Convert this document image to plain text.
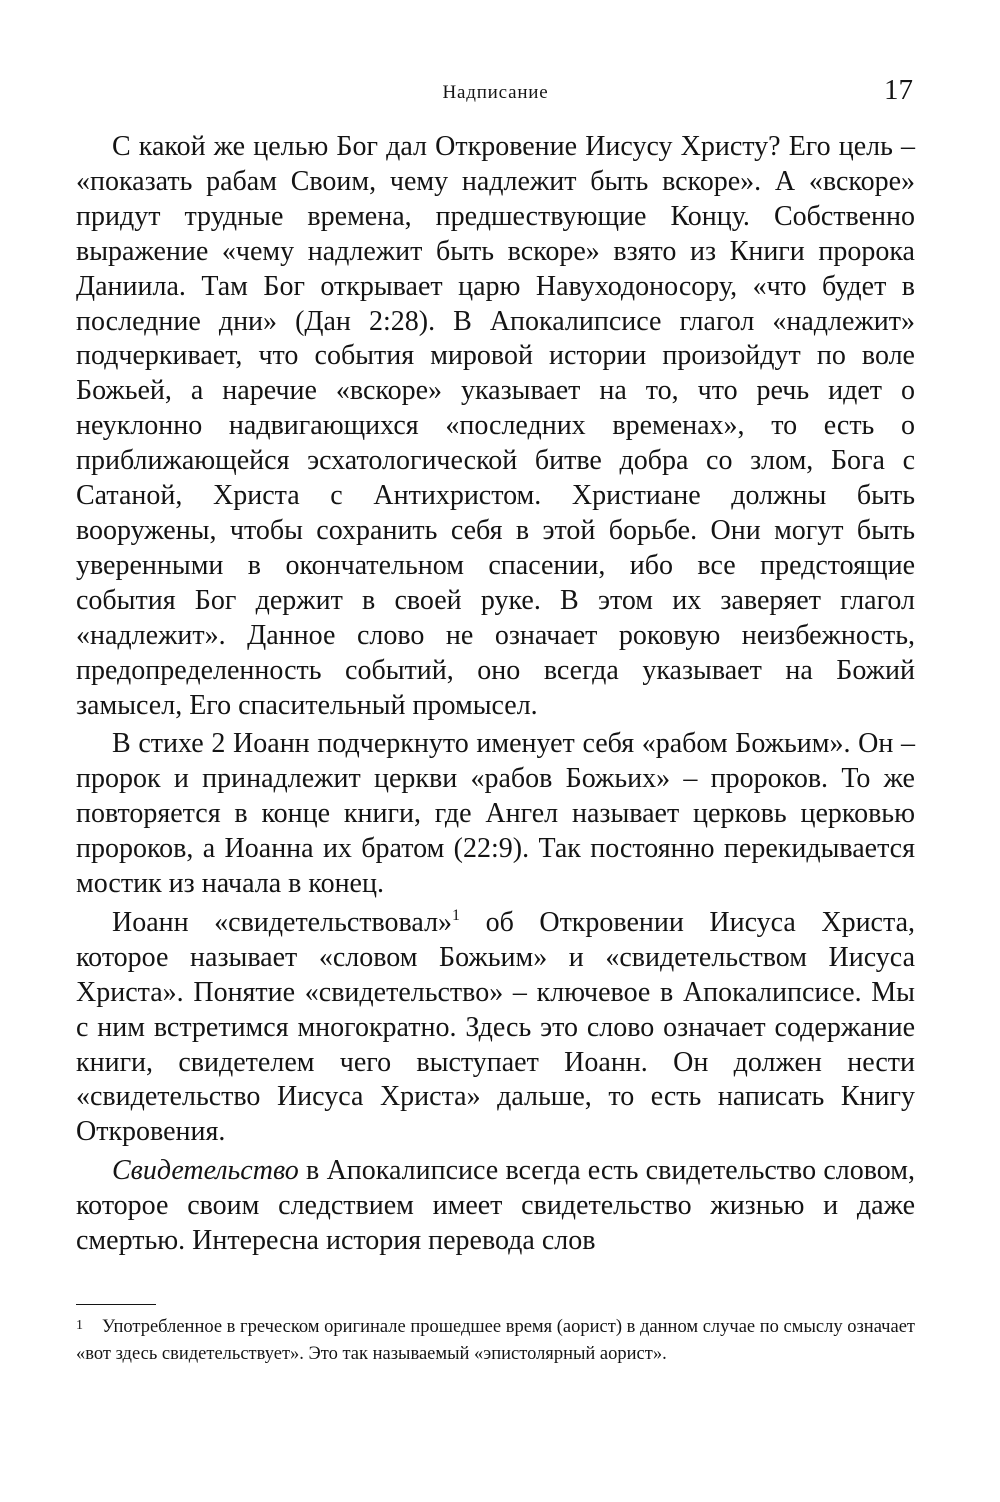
Надписание	17

С какой же целью Бог дал Откровение Иисусу Христу? Его цель – «показать рабам Своим, чему надлежит быть вскоре». А «вскоре» придут трудные времена, предшествующие Концу. Собственно выражение «чему надлежит быть вскоре» взято из Книги пророка Даниила. Там Бог открывает царю Навуходоносору, «что будет в последние дни» (Дан 2:28). В Апокалипсисе глагол «надлежит» подчеркивает, что события мировой истории произойдут по воле Божьей, а наречие «вскоре» указывает на то, что речь идет о неуклонно надвигающихся «последних временах», то есть о приближающейся эсхатологической битве добра со злом, Бога с Сатаной, Христа с Антихристом. Христиане должны быть вооружены, чтобы сохранить себя в этой борьбе. Они могут быть уверенными в окончательном спасении, ибо все предстоящие события Бог держит в своей руке. В этом их заверяет глагол «надлежит». Данное слово не означает роковую неизбежность, предопределенность событий, оно всегда указывает на Божий замысел, Его спасительный промысел.

В стихе 2 Иоанн подчеркнуто именует себя «рабом Божьим». Он – пророк и принадлежит церкви «рабов Божьих» – пророков. То же повторяется в конце книги, где Ангел называет церковь церковью пророков, а Иоанна их братом (22:9). Так постоянно перекидывается мостик из начала в конец.

Иоанн «свидетельствовал»$^1$ об Откровении Иисуса Христа, которое называет «словом Божьим» и «свидетельством Иисуса Христа». Понятие «свидетельство» – ключевое в Апокалипсисе. Мы с ним встретимся многократно. Здесь это слово означает содержание книги, свидетелем чего выступает Иоанн. Он должен нести «свидетельство Иисуса Христа» дальше, то есть написать Книгу Откровения.

Свидетельство в Апокалипсисе всегда есть свидетельство словом, которое своим следствием имеет свидетельство жизнью и даже смертью. Интересна история перевода слов

1	Употребленное в греческом оригинале прошедшее время (аорист) в данном случае по смыслу означает «вот здесь свидетельствует». Это так называемый «эпистолярный аорист».
